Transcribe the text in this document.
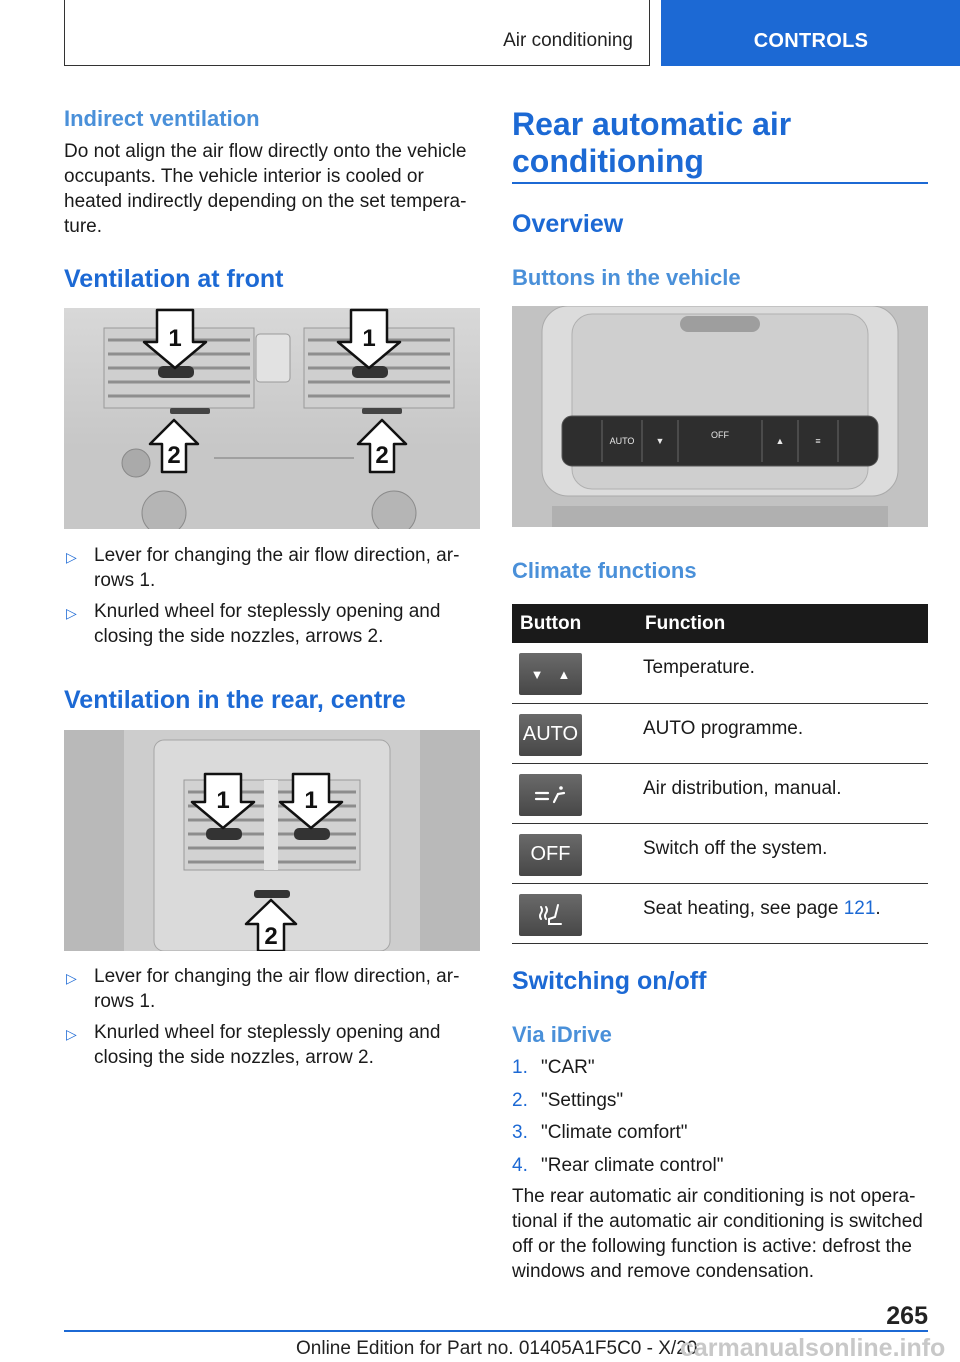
Air conditioning	CONTROLS
Indirect ventilation
Do not align the air flow directly onto the vehicle occupants. The vehicle interior is cooled or heated indirectly depending on the set tempera- ture.
Ventilation at front
1	1
2	2
▷ Lever for changing the air flow direction, ar- rows 1.
▷ Knurled wheel for steplessly opening and closing the side nozzles, arrows 2.
Ventilation in the rear, centre
1	1
2
▷ Lever for changing the air flow direction, ar- rows 1.
▷ Knurled wheel for steplessly opening and closing the side nozzles, arrow 2.
Rear automatic air
conditioning
Overview
Buttons in the vehicle
AUTO
OFF
▼	▲	≡
Climate functions
Button	Function

▼ ▲	Temperature.

AUTO	AUTO programme.

	Air distribution, manual.

OFF	Switch off the system.

	Seat heating, see page 121.
Switching on/off
Via iDrive
1. "CAR"
2. "Settings"
3. "Climate comfort"
4. "Rear climate control"
The rear automatic air conditioning is not opera- tional if the automatic air conditioning is switched off or the following function is active: defrost the windows and remove condensation.
265
Online Edition for Part no. 01405A1F5C0 - X/20
carmanualsonline.info
